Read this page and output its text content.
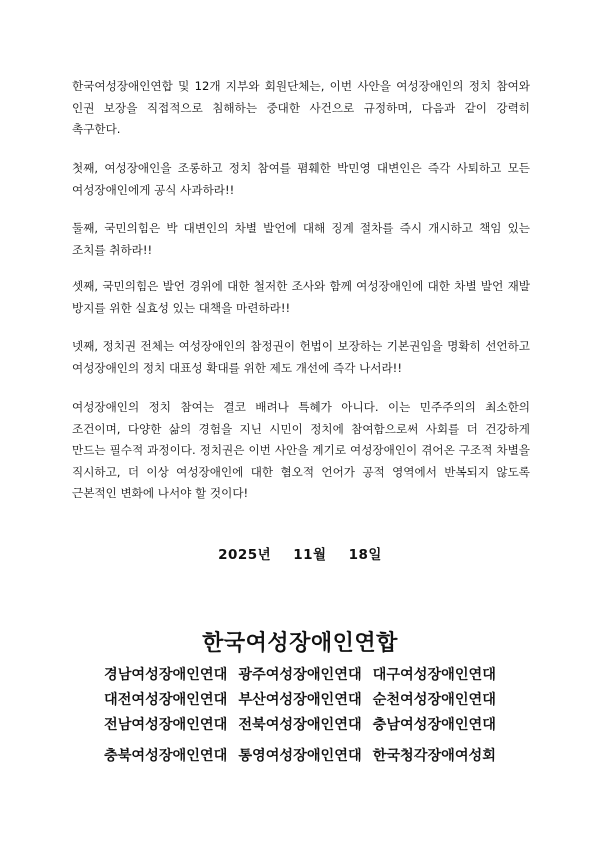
한국여성장애인연합 및 12개 지부와 회원단체는, 이번 사안을 여성장애인의 정치 참여와 인권 보장을 직접적으로 침해하는 중대한 사건으로 규정하며, 다음과 같이 강력히 촉구한다.

첫째, 여성장애인을 조롱하고 정치 참여를 폄훼한 박민영 대변인은 즉각 사퇴하고 모든 여성장애인에게 공식 사과하라!!

둘째, 국민의힘은 박 대변인의 차별 발언에 대해 징계 절차를 즉시 개시하고 책임 있는 조치를 취하라!!

셋째, 국민의힘은 발언 경위에 대한 철저한 조사와 함께 여성장애인에 대한 차별 발언 재발 방지를 위한 실효성 있는 대책을 마련하라!!

넷째, 정치권 전체는 여성장애인의 참정권이 헌법이 보장하는 기본권임을 명확히 선언하고 여성장애인의 정치 대표성 확대를 위한 제도 개선에 즉각 나서라!!

여성장애인의 정치 참여는 결코 배려나 특혜가 아니다. 이는 민주주의의 최소한의 조건이며, 다양한 삶의 경험을 지닌 시민이 정치에 참여함으로써 사회를 더 건강하게 만드는 필수적 과정이다. 정치권은 이번 사안을 계기로 여성장애인이 겪어온 구조적 차별을 직시하고, 더 이상 여성장애인에 대한 혐오적 언어가 공적 영역에서 반복되지 않도록 근본적인 변화에 나서야 할 것이다!

2025년 11월 18일
한국여성장애인연합
경남여성장애인연대 광주여성장애인연대 대구여성장애인연대
대전여성장애인연대 부산여성장애인연대 순천여성장애인연대
전남여성장애인연대 전북여성장애인연대 충남여성장애인연대
충북여성장애인연대 통영여성장애인연대 한국청각장애여성회
